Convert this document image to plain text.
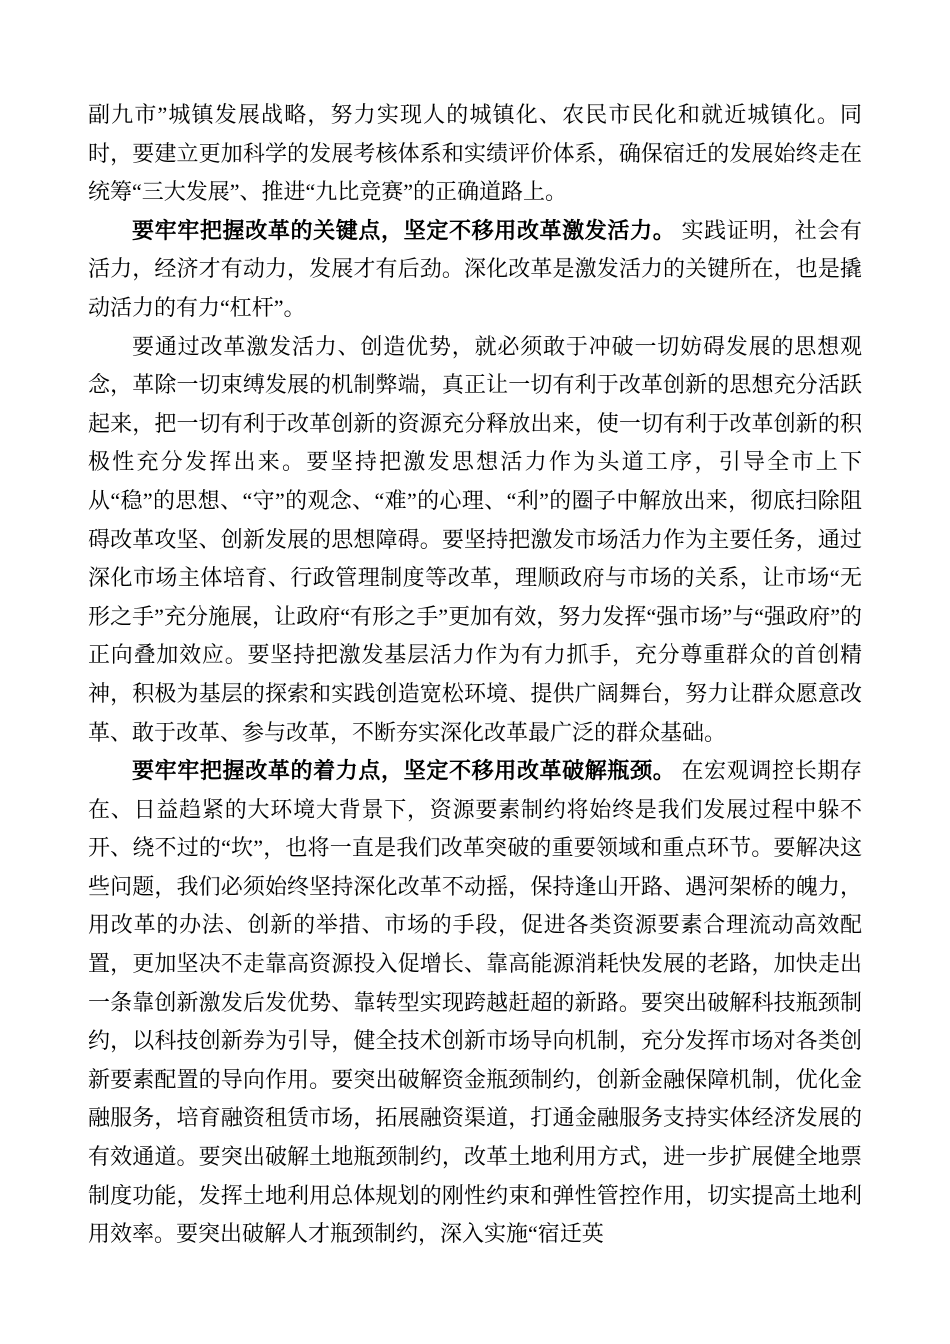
副九市”城镇发展战略，努力实现人的城镇化、农民市民化和就近城镇化。同时，要建立更加科学的发展考核体系和实绩评价体系，确保宿迁的发展始终走在统筹“三大发展”、推进“九比竞赛”的正确道路上。

要牢牢把握改革的关键点，坚定不移用改革激发活力。 实践证明，社会有活力，经济才有动力，发展才有后劲。深化改革是激发活力的关键所在，也是撬动活力的有力“杠杆”。

要通过改革激发活力、创造优势，就必须敢于冲破一切妨碍发展的思想观念，革除一切束缚发展的机制弊端，真正让一切有利于改革创新的思想充分活跃起来，把一切有利于改革创新的资源充分释放出来，使一切有利于改革创新的积极性充分发挥出来。要坚持把激发思想活力作为头道工序，引导全市上下从“稳”的思想、“守”的观念、“难”的心理、“利”的圈子中解放出来，彻底扫除阻碍改革攻坚、创新发展的思想障碍。要坚持把激发市场活力作为主要任务，通过深化市场主体培育、行政管理制度等改革，理顺政府与市场的关系，让市场“无形之手”充分施展，让政府“有形之手”更加有效，努力发挥“强市场”与“强政府”的正向叠加效应。要坚持把激发基层活力作为有力抓手，充分尊重群众的首创精神，积极为基层的探索和实践创造宽松环境、提供广阔舞台，努力让群众愿意改革、敢于改革、参与改革，不断夯实深化改革最广泛的群众基础。

要牢牢把握改革的着力点，坚定不移用改革破解瓶颈。 在宏观调控长期存在、日益趋紧的大环境大背景下，资源要素制约将始终是我们发展过程中躲不开、绕不过的“坎”，也将一直是我们改革突破的重要领域和重点环节。要解决这些问题，我们必须始终坚持深化改革不动摇，保持逢山开路、遇河架桥的魄力，用改革的办法、创新的举措、市场的手段，促进各类资源要素合理流动高效配置，更加坚决不走靠高资源投入促增长、靠高能源消耗快发展的老路，加快走出一条靠创新激发后发优势、靠转型实现跨越赶超的新路。要突出破解科技瓶颈制约，以科技创新券为引导，健全技术创新市场导向机制，充分发挥市场对各类创新要素配置的导向作用。要突出破解资金瓶颈制约，创新金融保障机制，优化金融服务，培育融资租赁市场，拓展融资渠道，打通金融服务支持实体经济发展的有效通道。要突出破解土地瓶颈制约，改革土地利用方式，进一步扩展健全地票制度功能，发挥土地利用总体规划的刚性约束和弹性管控作用，切实提高土地利用效率。要突出破解人才瓶颈制约，深入实施“宿迁英
